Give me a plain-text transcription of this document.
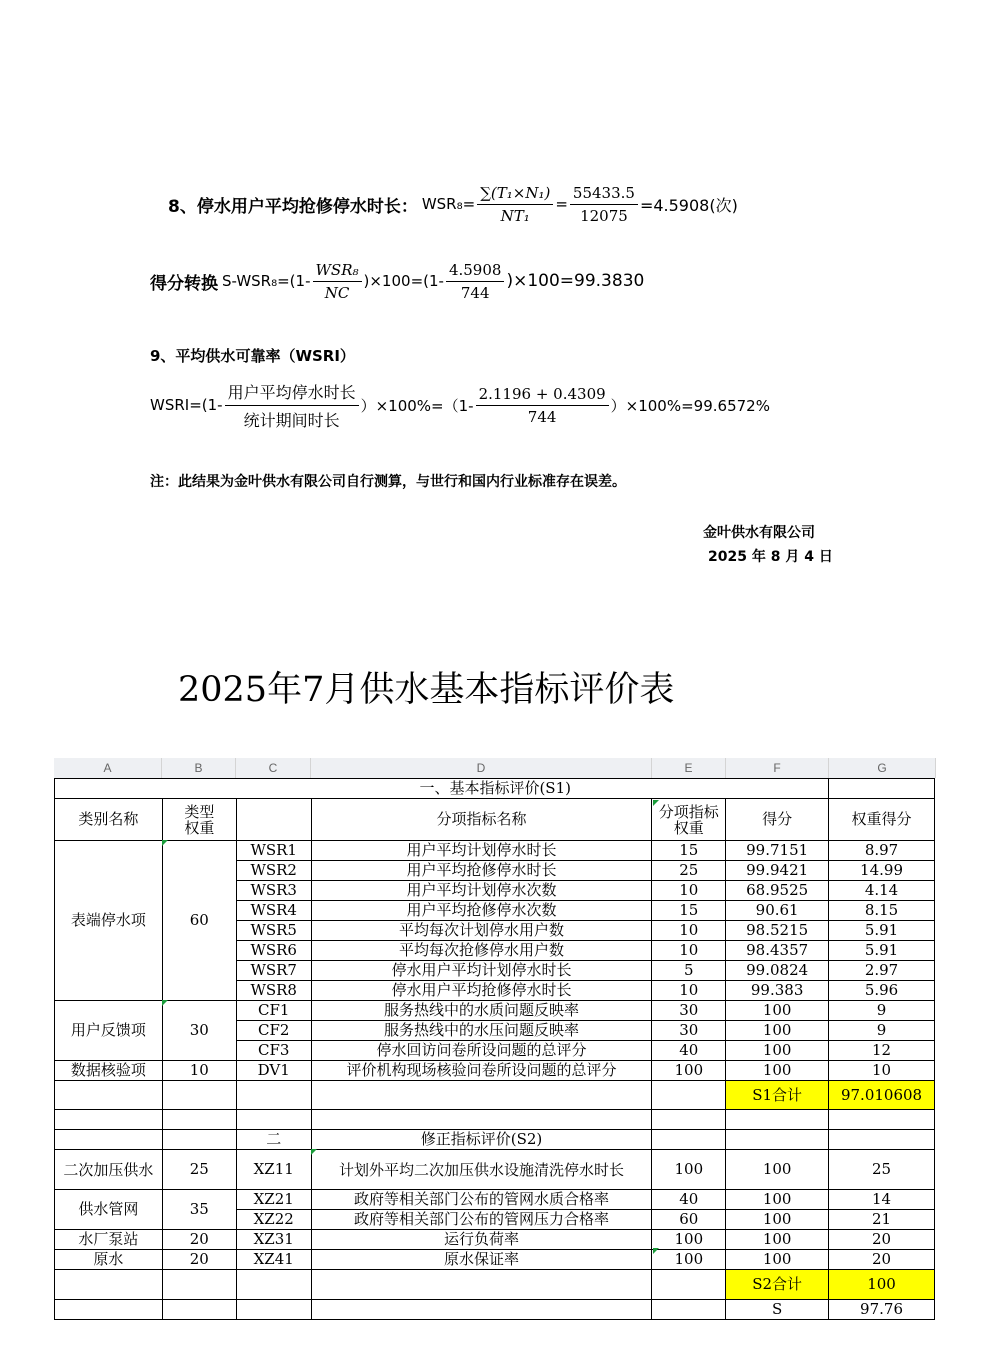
8、停水用户平均抢修停水时长： $WSR_8= \frac{\text{∑(T₁×N₁)}}{\text{NT₁}} = \frac{55433.5}{12075} =4.5908$(次)
得分转换 $S-WSR_8=(1- \frac{\text{WSR₈}}{NC} )\times 100=(1- \frac{4.5908}{744} )\times 100=99.3830$
9、平均供水可靠率（WSRI）
WSRI=(1- $\frac{\text{用户平均停水时长}}{\text{统计期间时长}} )\times 100\%=(1- \frac{2.1196 + 0.4309}{744} )\times 100\%=99.6572\%$
注：此结果为金叶供水有限公司自行测算，与世行和国内行业标准存在误差。
金叶供水有限公司
2025 年 8 月 4 日
2025年7月供水基本指标评价表
A	B	C	D	E	F	G
	一、基本指标评价(S1)					
类别名称	类型权重		分项指标名称	分项指标权重	得分	权重得分
表端停水项	60	WSR1	用户平均计划停水时长	15	99.7151	8.97
		WSR2	用户平均抢修停水时长	25	99.9421	14.99
		WSR3	用户平均计划停水次数	10	68.9525	4.14
		WSR4	用户平均抢修停水次数	15	90.61	8.15
		WSR5	平均每次计划停水用户数	10	98.5215	5.91
		WSR6	平均每次抢修停水用户数	10	98.4357	5.91
		WSR7	停水用户平均计划停水时长	5	99.0824	2.97
		WSR8	停水用户平均抢修停水时长	10	99.383	5.96
用户反馈项	30	CF1	服务热线中的水质问题反映率	30	100	9
		CF2	服务热线中的水压问题反映率	30	100	9
		CF3	停水回访问卷所设问题的总评分	40	100	12
数据核验项	10	DV1	评价机构现场核验问卷所设问题的总评分	100	100	10
					S1合计	97.010608

		二	修正指标评价(S2)			
二次加压供水	25	XZ11	计划外平均二次加压供水设施清洗停水时长	100	100	25
供水管网	35	XZ21	政府等相关部门公布的管网水质合格率	40	100	14
		XZ22	政府等相关部门公布的管网压力合格率	60	100	21
水厂泵站	20	XZ31	运行负荷率	100	100	20
原水	20	XZ41	原水保证率	100	100	20
					S2合计	100
					S	97.76
